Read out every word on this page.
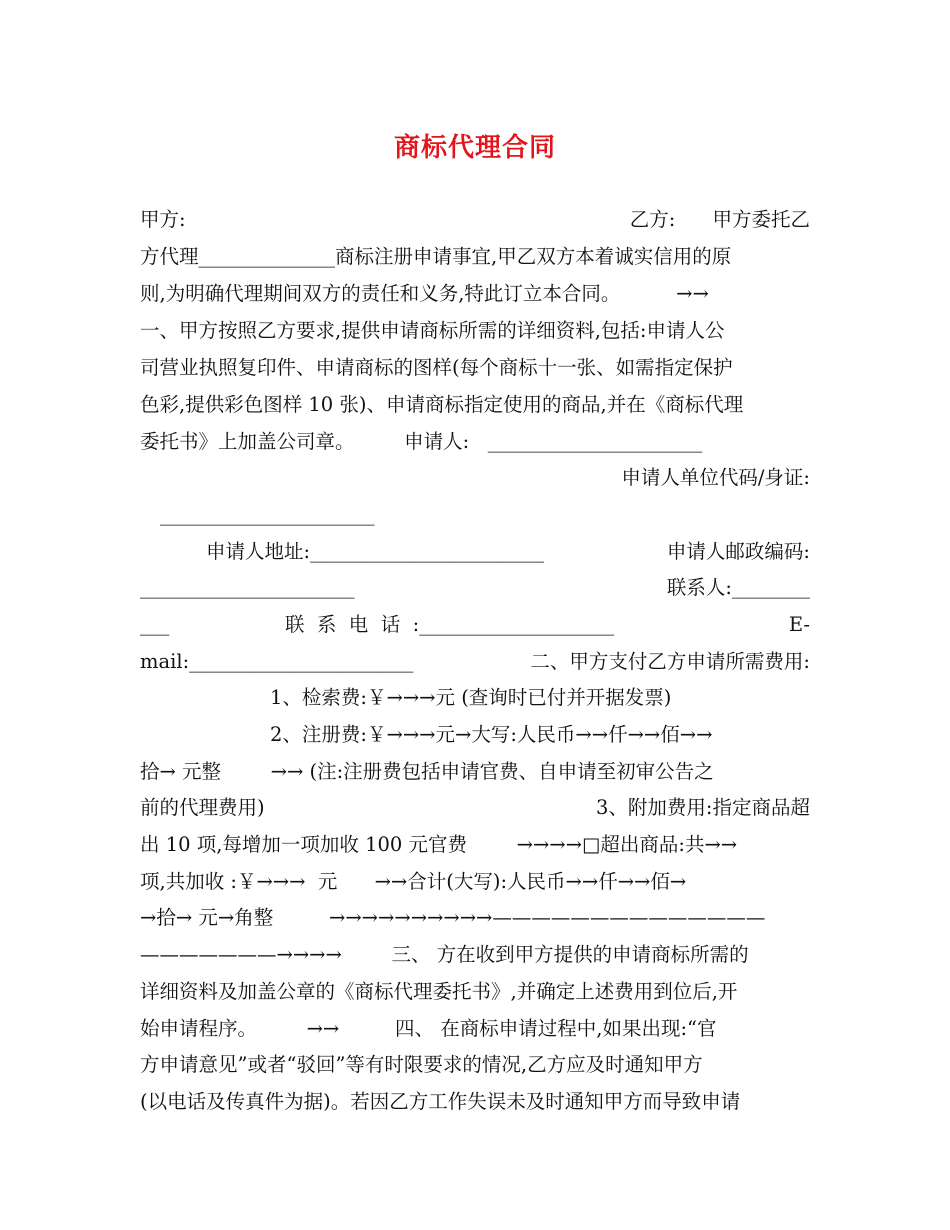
商标代理合同
甲方:	乙方:      甲方委托乙
方代理______________商标注册申请事宜,甲乙双方本着诚实信用的原
则,为明确代理期间双方的责任和义务,特此订立本合同。         →→
一、甲方按照乙方要求,提供申请商标所需的详细资料,包括:申请人公
司营业执照复印件、申请商标的图样(每个商标十一张、如需指定保护
色彩,提供彩色图样 10 张)、申请商标指定使用的商品,并在《商标代理
委托书》上加盖公司章。        申请人:   ______________________
申请人单位代码/身证:
______________________
申请人地址:________________________	申请人邮政编码:
______________________	联系人:________
___	联  系  电  话  :____________________	E-
mail:_______________________	二、甲方支付乙方申请所需费用:
1、检索费:￥→→→元 (查询时已付并开据发票)
2、注册费:￥→→→元→大写:人民币→→仟→→佰→→
拾→ 元整        →→ (注:注册费包括申请官费、自申请至初审公告之
前的代理费用)	3、附加费用:指定商品超
出 10 项,每增加一项加收 100 元官费        →→→→□超出商品:共→→
项,共加收 :￥→→→  元      →→合计(大写):人民币→→仟→→佰→
→拾→ 元→角整         →→→→→→→→→→——————————————
———————→→→→        三、 方在收到甲方提供的申请商标所需的
详细资料及加盖公章的《商标代理委托书》,并确定上述费用到位后,开
始申请程序。        →→         四、 在商标申请过程中,如果出现:“官
方申请意见”或者“驳回”等有时限要求的情况,乙方应及时通知甲方
(以电话及传真件为据)。若因乙方工作失误未及时通知甲方而导致申请
